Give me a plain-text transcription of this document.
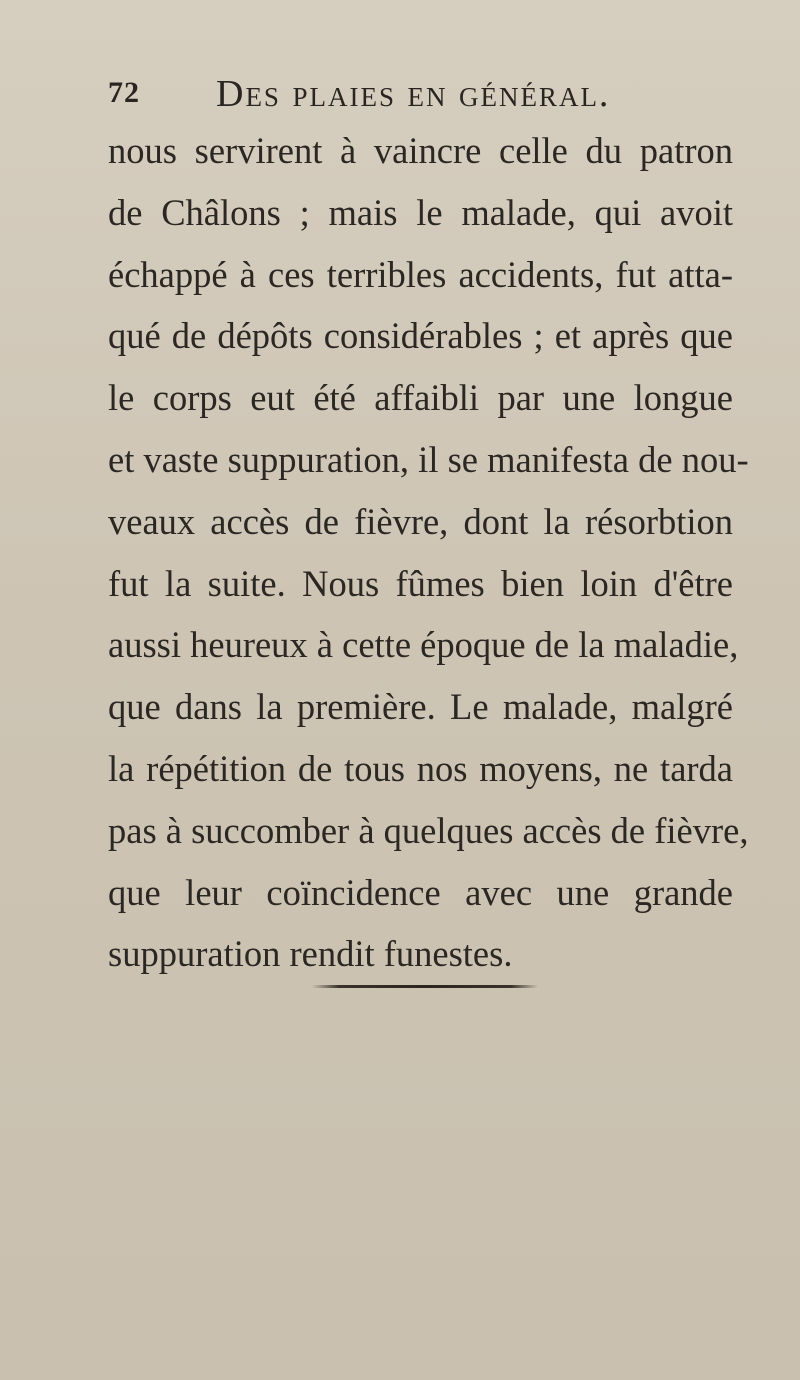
72 Des plaies en général.
nous servirent à vaincre celle du patron
de Châlons ; mais le malade, qui avoit
échappé à ces terribles accidents, fut atta-
qué de dépôts considérables ; et après que
le corps eut été affaibli par une longue
et vaste suppuration, il se manifesta de nou-
veaux accès de fièvre, dont la résorbtion
fut la suite. Nous fûmes bien loin d'être
aussi heureux à cette époque de la maladie,
que dans la première. Le malade, malgré
la répétition de tous nos moyens, ne tarda
pas à succomber à quelques accès de fièvre,
que leur coïncidence avec une grande
suppuration rendit funestes.
